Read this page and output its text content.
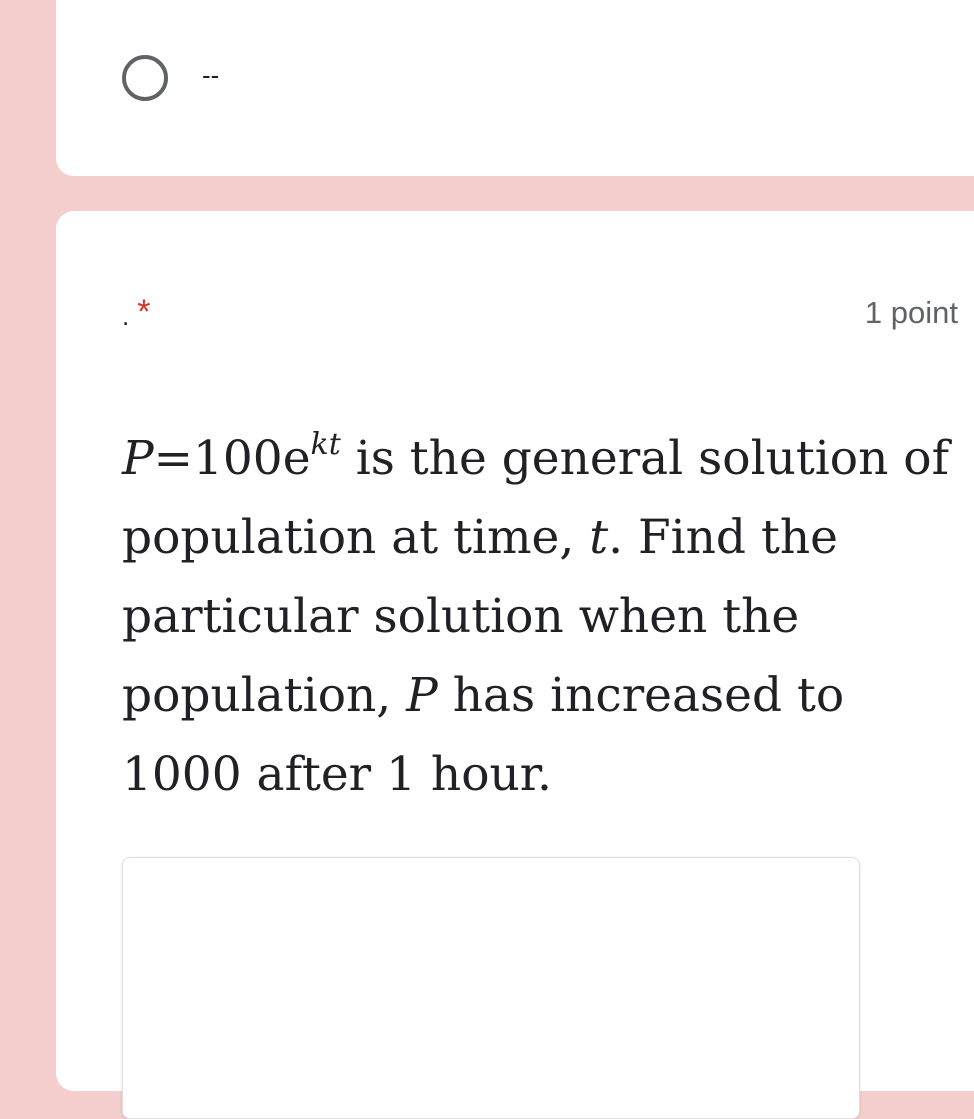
--
. *	1 point
$P=100e^{kt}$ is the general solution of population at time, t. Find the particular solution when the population, P has increased to 1000 after 1 hour.
